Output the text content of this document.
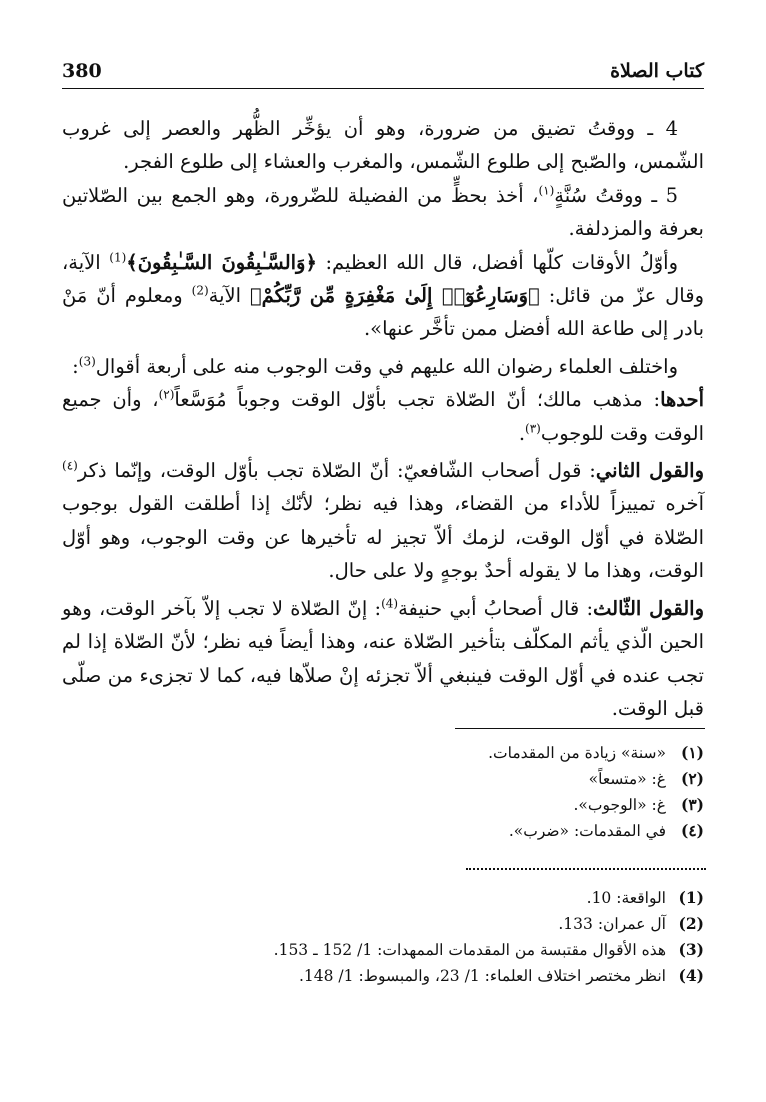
380	كتاب الصلاة

4 ـ ووقتُ تضيق من ضرورة، وهو أن يؤخِّر الظُّهر والعصر إلى غروب الشّمس، والصّبح إلى طلوع الشّمس، والمغرب والعشاء إلى طلوع الفجر.

5 ـ ووقتُ سُنَّةٍ$^{(١)}$، أخذ بحظٍّ من الفضيلة للضّرورة، وهو الجمع بين الصّلاتين بعرفة والمزدلفة.

وأوّلُ الأوقات كلّها أفضل، قال الله العظيم: ﴿وَالسَّـٰبِقُونَ السَّـٰبِقُونَ﴾$^{(1)}$ الآية، وقال عزّ من قائل: ﴿وَسَارِعُوٓا۟ إِلَىٰ مَغْفِرَةٍ مِّن رَّبِّكُمْ﴾ الآية$^{(2)}$ ومعلوم أنّ مَنْ بادر إلى طاعة الله أفضل ممن تأخَّر عنها».

واختلف العلماء رضوان الله عليهم في وقت الوجوب منه على أربعة أقوال$^{(3)}$:

أحدها: مذهب مالك؛ أنّ الصّلاة تجب بأوّل الوقت وجوباً مُوَسَّعاً$^{(٢)}$، وأن جميع الوقت وقت للوجوب$^{(٣)}$.

والقول الثاني: قول أصحاب الشّافعيّ: أنّ الصّلاة تجب بأوّل الوقت، وإنّما ذكر$^{(٤)}$ آخره تمييزاً للأداء من القضاء، وهذا فيه نظر؛ لأنّك إذا أطلقت القول بوجوب الصّلاة في أوّل الوقت، لزمك ألاّ تجيز له تأخيرها عن وقت الوجوب، وهو أوّل الوقت، وهذا ما لا يقوله أحدٌ بوجهٍ ولا على حال.

والقول الثّالث: قال أصحابُ أبي حنيفة$^{(4)}$: إنّ الصّلاة لا تجب إلاّ بآخر الوقت، وهو الحين الّذي يأثم المكلّف بتأخير الصّلاة عنه، وهذا أيضاً فيه نظر؛ لأنّ الصّلاة إذا لم تجب عنده في أوّل الوقت فينبغي ألاّ تجزئه إنْ صلاّها فيه، كما لا تجزىء من صلّى قبل الوقت.

(١)«سنة» زيادة من المقدمات.
(٢)غ: «متسعاً»
(٣)غ: «الوجوب».
(٤)في المقدمات: «ضرب».
(1)الواقعة: 10.
(2)آل عمران: 133.
(3)هذه الأقوال مقتبسة من المقدمات الممهدات: 1/ 152 ـ 153.
(4)انظر مختصر اختلاف العلماء: 1/ 23، والمبسوط: 1/ 148.
